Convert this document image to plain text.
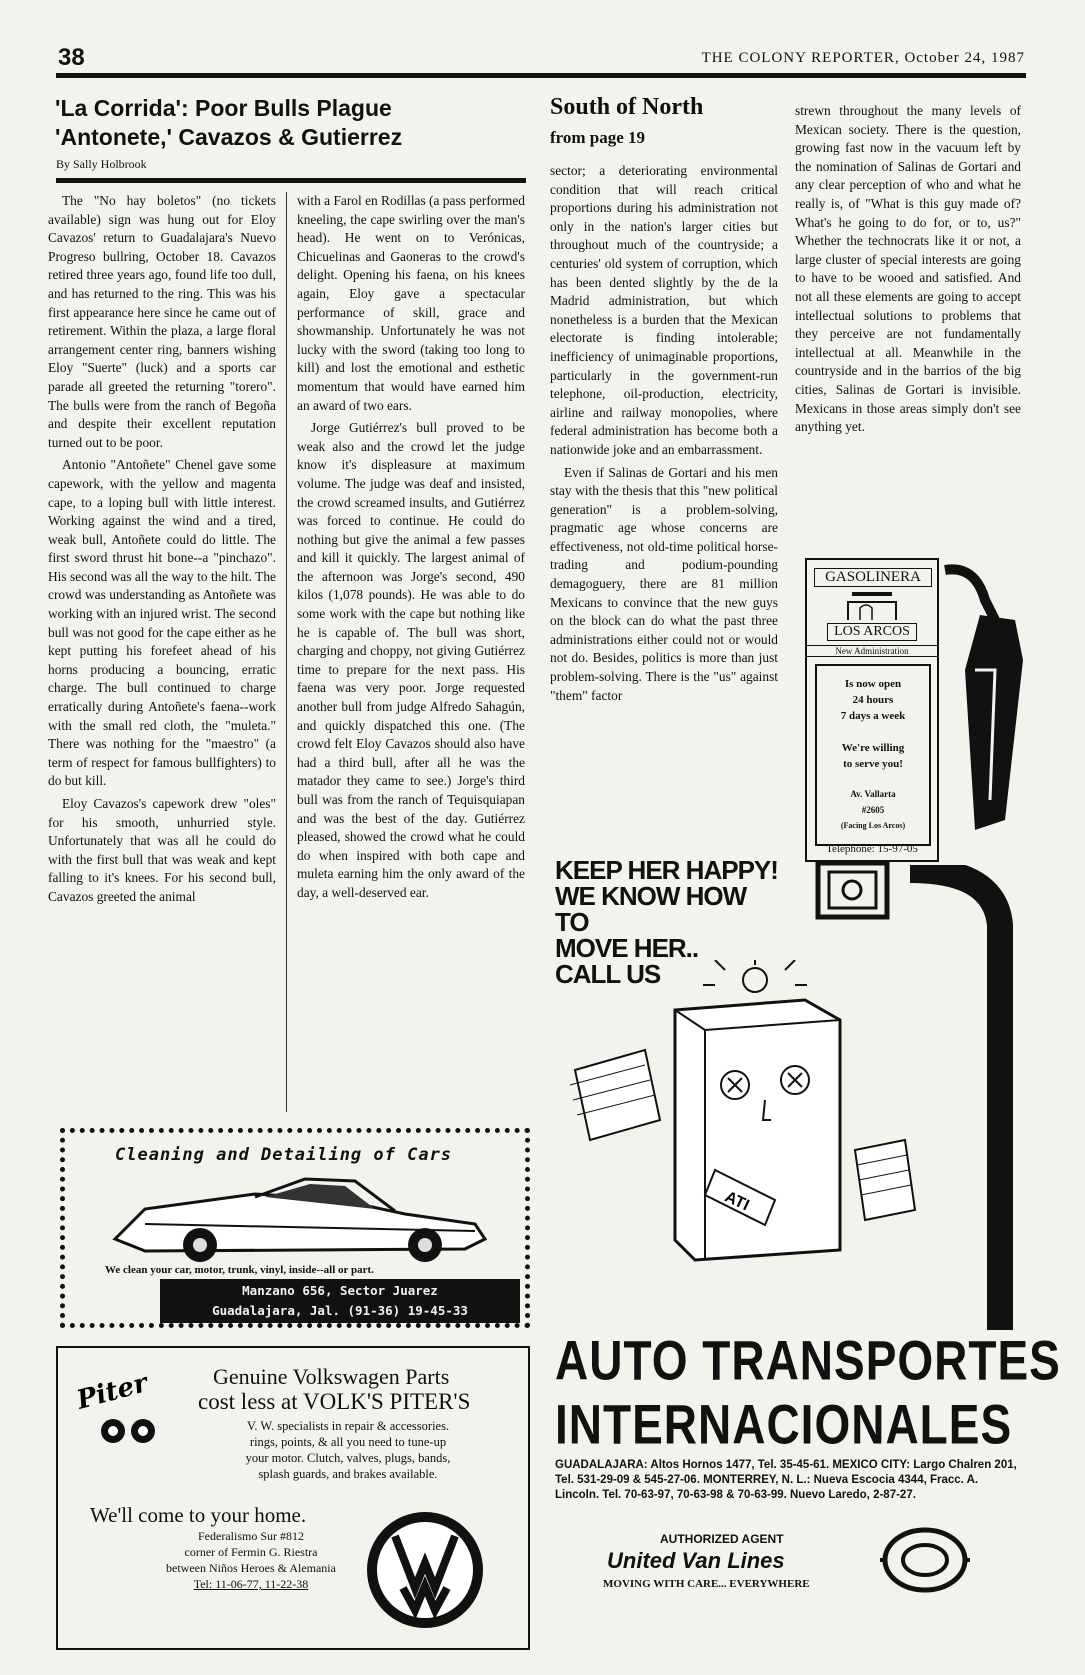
38	THE COLONY REPORTER, October 24, 1987
'La Corrida': Poor Bulls Plague
'Antonete,' Cavazos & Gutierrez
By Sally Holbrook

The "No hay boletos" (no tickets available) sign was hung out for Eloy Cavazos' return to Guadalajara's Nuevo Progreso bullring, October 18. Cavazos retired three years ago, found life too dull, and has returned to the ring. This was his first appearance here since he came out of retirement. Within the plaza, a large floral arrangement center ring, banners wishing Eloy "Suerte" (luck) and a sports car parade all greeted the returning "torero". The bulls were from the ranch of Begoña and despite their excellent reputation turned out to be poor.

Antonio "Antoñete" Chenel gave some capework, with the yellow and magenta cape, to a loping bull with little interest. Working against the wind and a tired, weak bull, Antoñete could do little. The first sword thrust hit bone--a "pinchazo". His second was all the way to the hilt. The crowd was understanding as Antoñete was working with an injured wrist. The second bull was not good for the cape either as he kept putting his forefeet ahead of his horns producing a bouncing, erratic charge. The bull continued to charge erratically during Antoñete's faena--work with the small red cloth, the "muleta." There was nothing for the "maestro" (a term of respect for famous bullfighters) to do but kill.

Eloy Cavazos's capework drew "oles" for his smooth, unhurried style. Unfortunately that was all he could do with the first bull that was weak and kept falling to it's knees. For his second bull, Cavazos greeted the animal

with a Farol en Rodillas (a pass performed kneeling, the cape swirling over the man's head). He went on to Verónicas, Chicuelinas and Gaoneras to the crowd's delight. Opening his faena, on his knees again, Eloy gave a spectacular performance of skill, grace and showmanship. Unfortunately he was not lucky with the sword (taking too long to kill) and lost the emotional and esthetic momentum that would have earned him an award of two ears.

Jorge Gutiérrez's bull proved to be weak also and the crowd let the judge know it's displeasure at maximum volume. The judge was deaf and insisted, the crowd screamed insults, and Gutiérrez was forced to continue. He could do nothing but give the animal a few passes and kill it quickly. The largest animal of the afternoon was Jorge's second, 490 kilos (1,078 pounds). He was able to do some work with the cape but nothing like he is capable of. The bull was short, charging and choppy, not giving Gutiérrez time to prepare for the next pass. His faena was very poor. Jorge requested another bull from judge Alfredo Sahagún, and quickly dispatched this one. (The crowd felt Eloy Cavazos should also have had a third bull, after all he was the matador they came to see.) Jorge's third bull was from the ranch of Tequisquiapan and was the best of the day. Gutiérrez pleased, showed the crowd what he could do when inspired with both cape and muleta earning him the only award of the day, a well-deserved ear.

South of North
from page 19

sector; a deteriorating environmental condition that will reach critical proportions during his administration not only in the nation's larger cities but throughout much of the countryside; a centuries' old system of corruption, which has been dented slightly by the de la Madrid administration, but which nonetheless is a burden that the Mexican electorate is finding intolerable; inefficiency of unimaginable proportions, particularly in the government-run telephone, oil-production, electricity, airline and railway monopolies, where federal administration has become both a nationwide joke and an embarrassment.

Even if Salinas de Gortari and his men stay with the thesis that this "new political generation" is a problem-solving, pragmatic age whose concerns are effectiveness, not old-time political horse-trading and podium-pounding demagoguery, there are 81 million Mexicans to convince that the new guys on the block can do what the past three administrations either could not or would not do. Besides, politics is more than just problem-solving. There is the "us" against "them" factor

strewn throughout the many levels of Mexican society. There is the question, growing fast now in the vacuum left by the nomination of Salinas de Gortari and any clear perception of who and what he really is, of "What is this guy made of? What's he going to do for, or to, us?" Whether the technocrats like it or not, a large cluster of special interests are going to have to be wooed and satisfied. And not all these elements are going to accept intellectual solutions to problems that they perceive are not fundamentally intellectual at all. Meanwhile in the countryside and in the barrios of the big cities, Salinas de Gortari is invisible. Mexicans in those areas simply don't see anything yet.

Cleaning and Detailing of Cars
We clean your car, motor, trunk, vinyl, inside--all or part.
Manzano 656, Sector Juarez
Guadalajara, Jal. (91-36) 19-45-33
Piter	Genuine Volkswagen Parts
cost less at VOLK'S PITER'S
V. W. specialists in repair & accessories.
rings, points, & all you need to tune-up
your motor. Clutch, valves, plugs, bands,
splash guards, and brakes available.
We'll come to your home.
Federalismo Sur #812
corner of Fermin G. Riestra
between Niños Heroes & Alemania
Tel: 11-06-77, 11-22-38
GASOLINERA
LOS ARCOS
New Administration
Is now open
24 hours
7 days a week
We're willing
to serve you!
Av. Vallarta
#2605
(Facing Los Arcos)
Telephone: 15-97-05
KEEP HER HAPPY!
WE KNOW HOW TO
MOVE HER..
CALL US
ATI
AUTO TRANSPORTES
INTERNACIONALES
GUADALAJARA: Altos Hornos 1477, Tel. 35-45-61. MEXICO CITY: Largo Chalren 201, Tel. 531-29-09 & 545-27-06. MONTERREY, N. L.: Nueva Escocia 4344, Fracc. A. Lincoln. Tel. 70-63-97, 70-63-98 & 70-63-99. Nuevo Laredo, 2-87-27.
AUTHORIZED AGENT
United Van Lines
MOVING WITH CARE... EVERYWHERE
